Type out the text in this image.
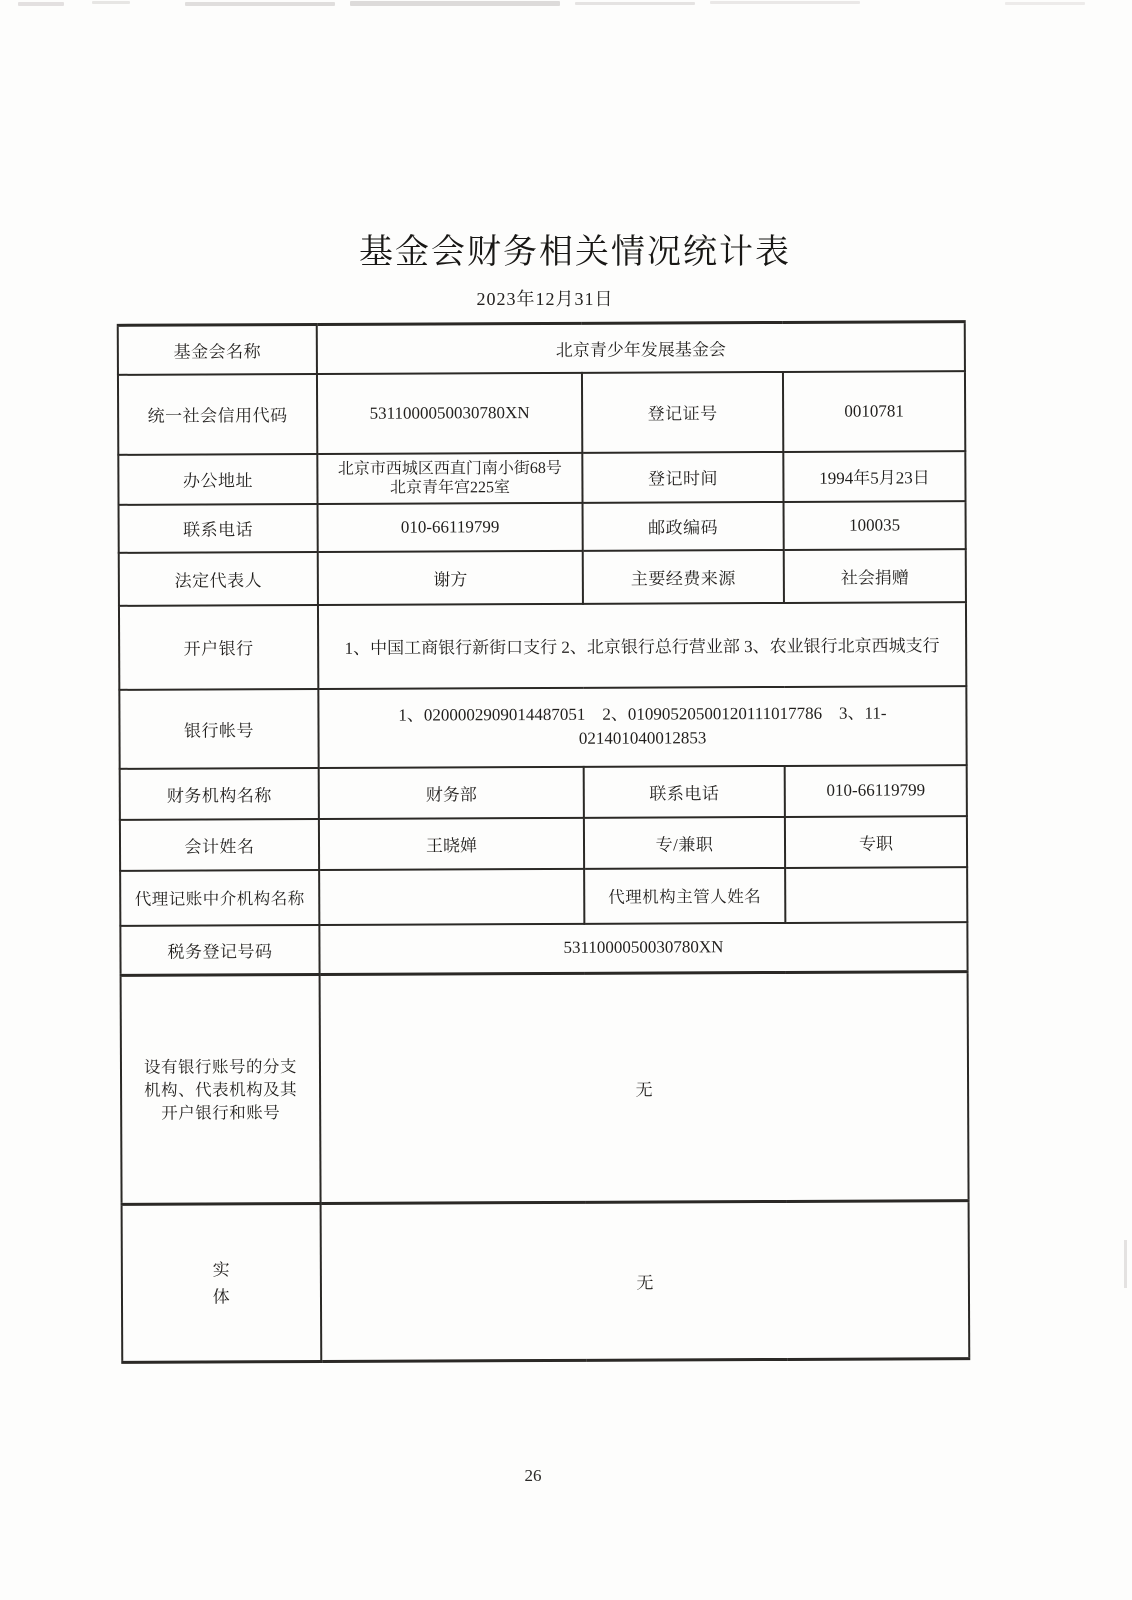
基金会财务相关情况统计表
2023年12月31日
基金会名称	北京青少年发展基金会		
统一社会信用代码	5311000050030780XN	登记证号	0010781
办公地址	北京市西城区西直门南小街68号
北京青年宫225室	登记时间	1994年5月23日
联系电话	010-66119799	邮政编码	100035
法定代表人	谢方	主要经费来源	社会捐赠
开户银行	1、中国工商银行新街口支行 2、北京银行总行营业部 3、农业银行北京西城支行		
银行帐号	1、0200002909014487051　2、01090520500120111017786　3、11-
021401040012853		

财务机构名称	财务部	联系电话	010-66119799
会计姓名	王晓婵	专/兼职	专职
代理记账中介机构名称		代理机构主管人姓名	
税务登记号码	5311000050030780XN		

设有银行账号的分支
机构、代表机构及其
开户银行和账号	无		

实
体	无		
26
